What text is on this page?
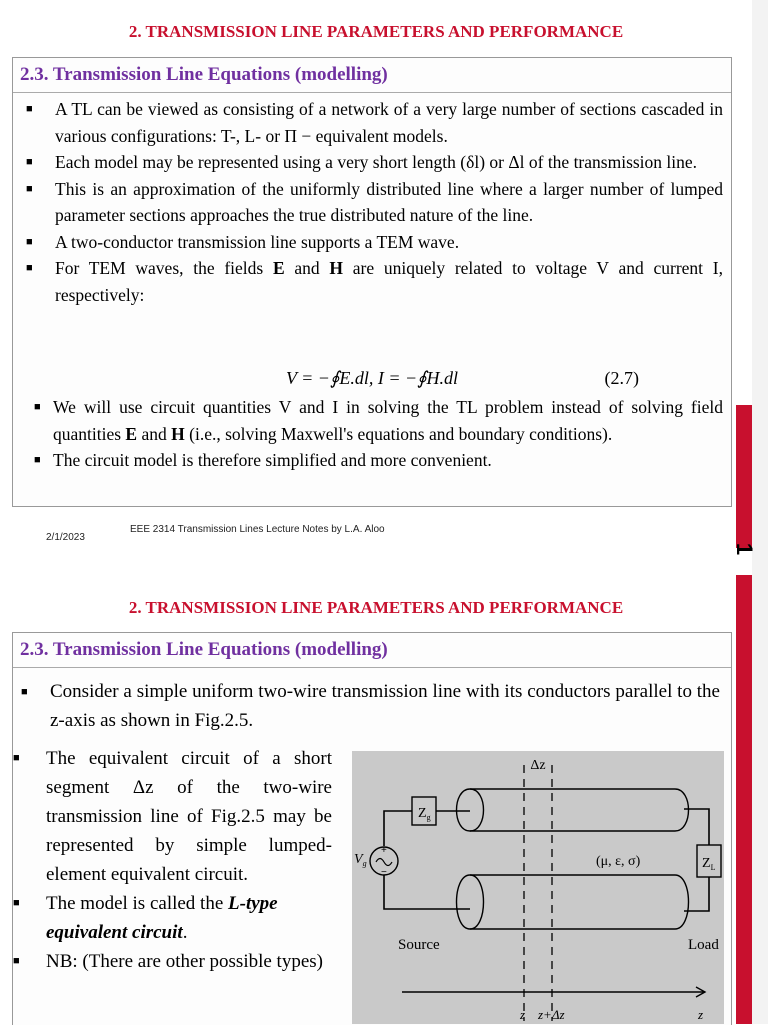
2. TRANSMISSION LINE PARAMETERS AND PERFORMANCE
2.3. Transmission Line Equations (modelling)
■ A TL can be viewed as consisting of a network of a very large number of sections cascaded in various configurations: T-, L- or Π − equivalent models.
■ Each model may be represented using a very short length (δl) or Δl of the transmission line.
■ This is an approximation of the uniformly distributed line where a larger number of lumped parameter sections approaches the true distributed nature of the line.
■ A two-conductor transmission line supports a TEM wave.
■ For TEM waves, the fields E and H are uniquely related to voltage V and current I, respectively:
V = −∮E.dl, I = −∮H.dl	(2.7)
■ We will use circuit quantities V and I in solving the TL problem instead of solving field quantities E and H (i.e., solving Maxwell's equations and boundary conditions).
■ The circuit model is therefore simplified and more convenient.
EEE 2314 Transmission Lines Lecture Notes by L.A. Aloo
2/1/2023
1
2. TRANSMISSION LINE PARAMETERS AND PERFORMANCE
2.3. Transmission Line Equations (modelling)
■ Consider a simple uniform two-wire transmission line with its conductors parallel to the z-axis as shown in Fig.2.5.
■ The equivalent circuit of a short segment Δz of the two-wire transmission line of Fig.2.5 may be represented by simple lumped-element equivalent circuit.
■ The model is called the L-type equivalent circuit.
■ NB: (There are other possible types)
Δz
+
−
$Z_g$
$V_g$	(μ, ε, σ)	$Z_L$
Source	Load
z z+Δz	z
